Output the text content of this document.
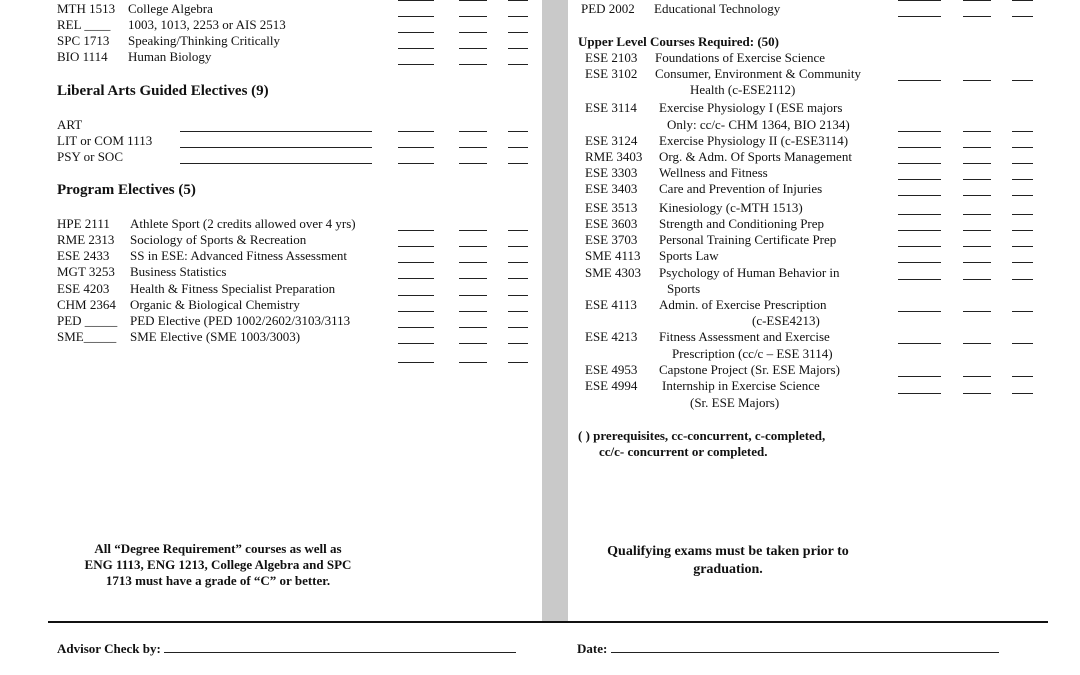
MTH 1513 College Algebra
REL ____ 1003, 1013, 2253 or AIS 2513
SPC 1713 Speaking/Thinking Critically
BIO 1114 Human Biology
Liberal Arts Guided Electives (9)
ART
LIT or COM 1113
PSY or SOC
Program Electives (5)
HPE 2111 Athlete Sport (2 credits allowed over 4 yrs)
RME 2313 Sociology of Sports & Recreation
ESE 2433 SS in ESE: Advanced Fitness Assessment
MGT 3253 Business Statistics
ESE 4203 Health & Fitness Specialist Preparation
CHM 2364 Organic & Biological Chemistry
PED _____ PED Elective (PED 1002/2602/3103/3113
SME_____ SME Elective (SME 1003/3003)
All “Degree Requirement” courses as well as
ENG 1113, ENG 1213, College Algebra and SPC
1713 must have a grade of “C” or better.
PED 2002 Educational Technology
Upper Level Courses Required: (50)
ESE 2103 Foundations of Exercise Science
ESE 3102 Consumer, Environment & Community
Health (c-ESE2112)
ESE 3114 Exercise Physiology I (ESE majors
Only: cc/c- CHM 1364, BIO 2134)
ESE 3124 Exercise Physiology II (c-ESE3114)
RME 3403 Org. & Adm. Of Sports Management
ESE 3303 Wellness and Fitness
ESE 3403 Care and Prevention of Injuries
ESE 3513 Kinesiology (c-MTH 1513)
ESE 3603 Strength and Conditioning Prep
ESE 3703 Personal Training Certificate Prep
SME 4113 Sports Law
SME 4303 Psychology of Human Behavior in
Sports
ESE 4113 Admin. of Exercise Prescription
(c-ESE4213)
ESE 4213 Fitness Assessment and Exercise
Prescription (cc/c – ESE 3114)
ESE 4953 Capstone Project (Sr. ESE Majors)
ESE 4994 Internship in Exercise Science
(Sr. ESE Majors)
( ) prerequisites, cc-concurrent, c-completed,
cc/c- concurrent or completed.
Qualifying exams must be taken prior to
graduation.
Advisor Check by:	Date:
